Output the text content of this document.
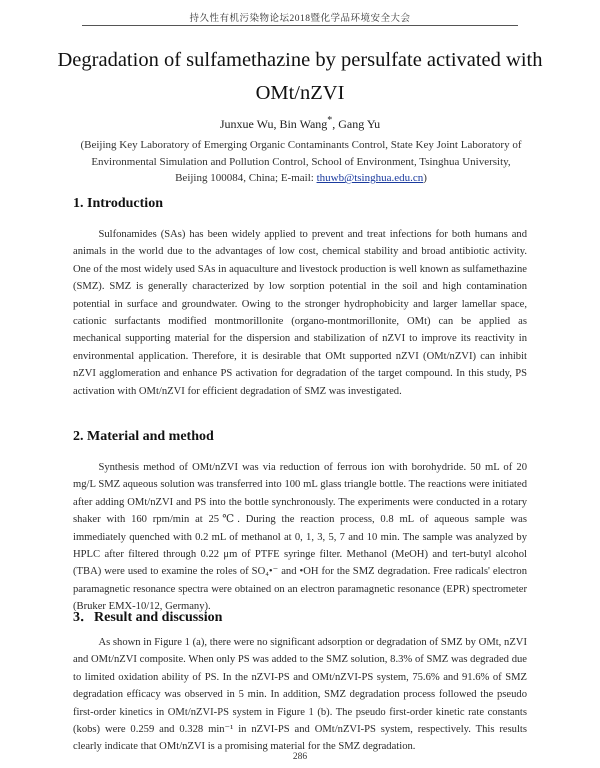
持久性有机污染物论坛2018暨化学品环境安全大会
Degradation of sulfamethazine by persulfate activated with
OMt/nZVI
Junxue Wu, Bin Wang*, Gang Yu
(Beijing Key Laboratory of Emerging Organic Contaminants Control, State Key Joint Laboratory of Environmental Simulation and Pollution Control, School of Environment, Tsinghua University, Beijing 100084, China; E-mail: thuwb@tsinghua.edu.cn)
1. Introduction

Sulfonamides (SAs) has been widely applied to prevent and treat infections for both humans and animals in the world due to the advantages of low cost, chemical stability and broad antibiotic activity. One of the most widely used SAs in aquaculture and livestock production is well known as sulfamethazine (SMZ). SMZ is generally characterized by low sorption potential in the soil and high contamination potential in surface and groundwater. Owing to the stronger hydrophobicity and larger lamellar space, cationic surfactants modified montmorillonite (organo-montmorillonite, OMt) can be applied as mechanical supporting material for the dispersion and stabilization of nZVI to improve its reactivity in environmental application. Therefore, it is desirable that OMt supported nZVI (OMt/nZVI) can inhibit nZVI agglomeration and enhance PS activation for degradation of the target compound. In this study, PS activation with OMt/nZVI for efficient degradation of SMZ was investigated.

2. Material and method

Synthesis method of OMt/nZVI was via reduction of ferrous ion with borohydride. 50 mL of 20 mg/L SMZ aqueous solution was transferred into 100 mL glass triangle bottle. The reactions were initiated after adding OMt/nZVI and PS into the bottle synchronously. The experiments were conducted in a rotary shaker with 160 rpm/min at 25℃. During the reaction process, 0.8 mL of aqueous sample was immediately quenched with 0.2 mL of methanol at 0, 1, 3, 5, 7 and 10 min. The sample was analyzed by HPLC after filtered through 0.22 μm of PTFE syringe filter. Methanol (MeOH) and tert-butyl alcohol (TBA) were used to examine the roles of SO₄•⁻ and •OH for the SMZ degradation. Free radicals' electron paramagnetic resonance spectra were obtained on an electron paramagnetic resonance (EPR) spectrometer (Bruker EMX-10/12, Germany).

3．Result and discussion

As shown in Figure 1 (a), there were no significant adsorption or degradation of SMZ by OMt, nZVI and OMt/nZVI composite. When only PS was added to the SMZ solution, 8.3% of SMZ was degraded due to limited oxidation ability of PS. In the nZVI-PS and OMt/nZVI-PS system, 75.6% and 91.6% of SMZ degradation efficacy was observed in 5 min. In addition, SMZ degradation process followed the pseudo first-order kinetics in OMt/nZVI-PS system in Figure 1 (b). The pseudo first-order kinetic rate constants (kobs) were 0.259 and 0.328 min⁻¹ in nZVI-PS and OMt/nZVI-PS system, respectively. This results clearly indicate that OMt/nZVI is a promising material for the SMZ degradation.

286
